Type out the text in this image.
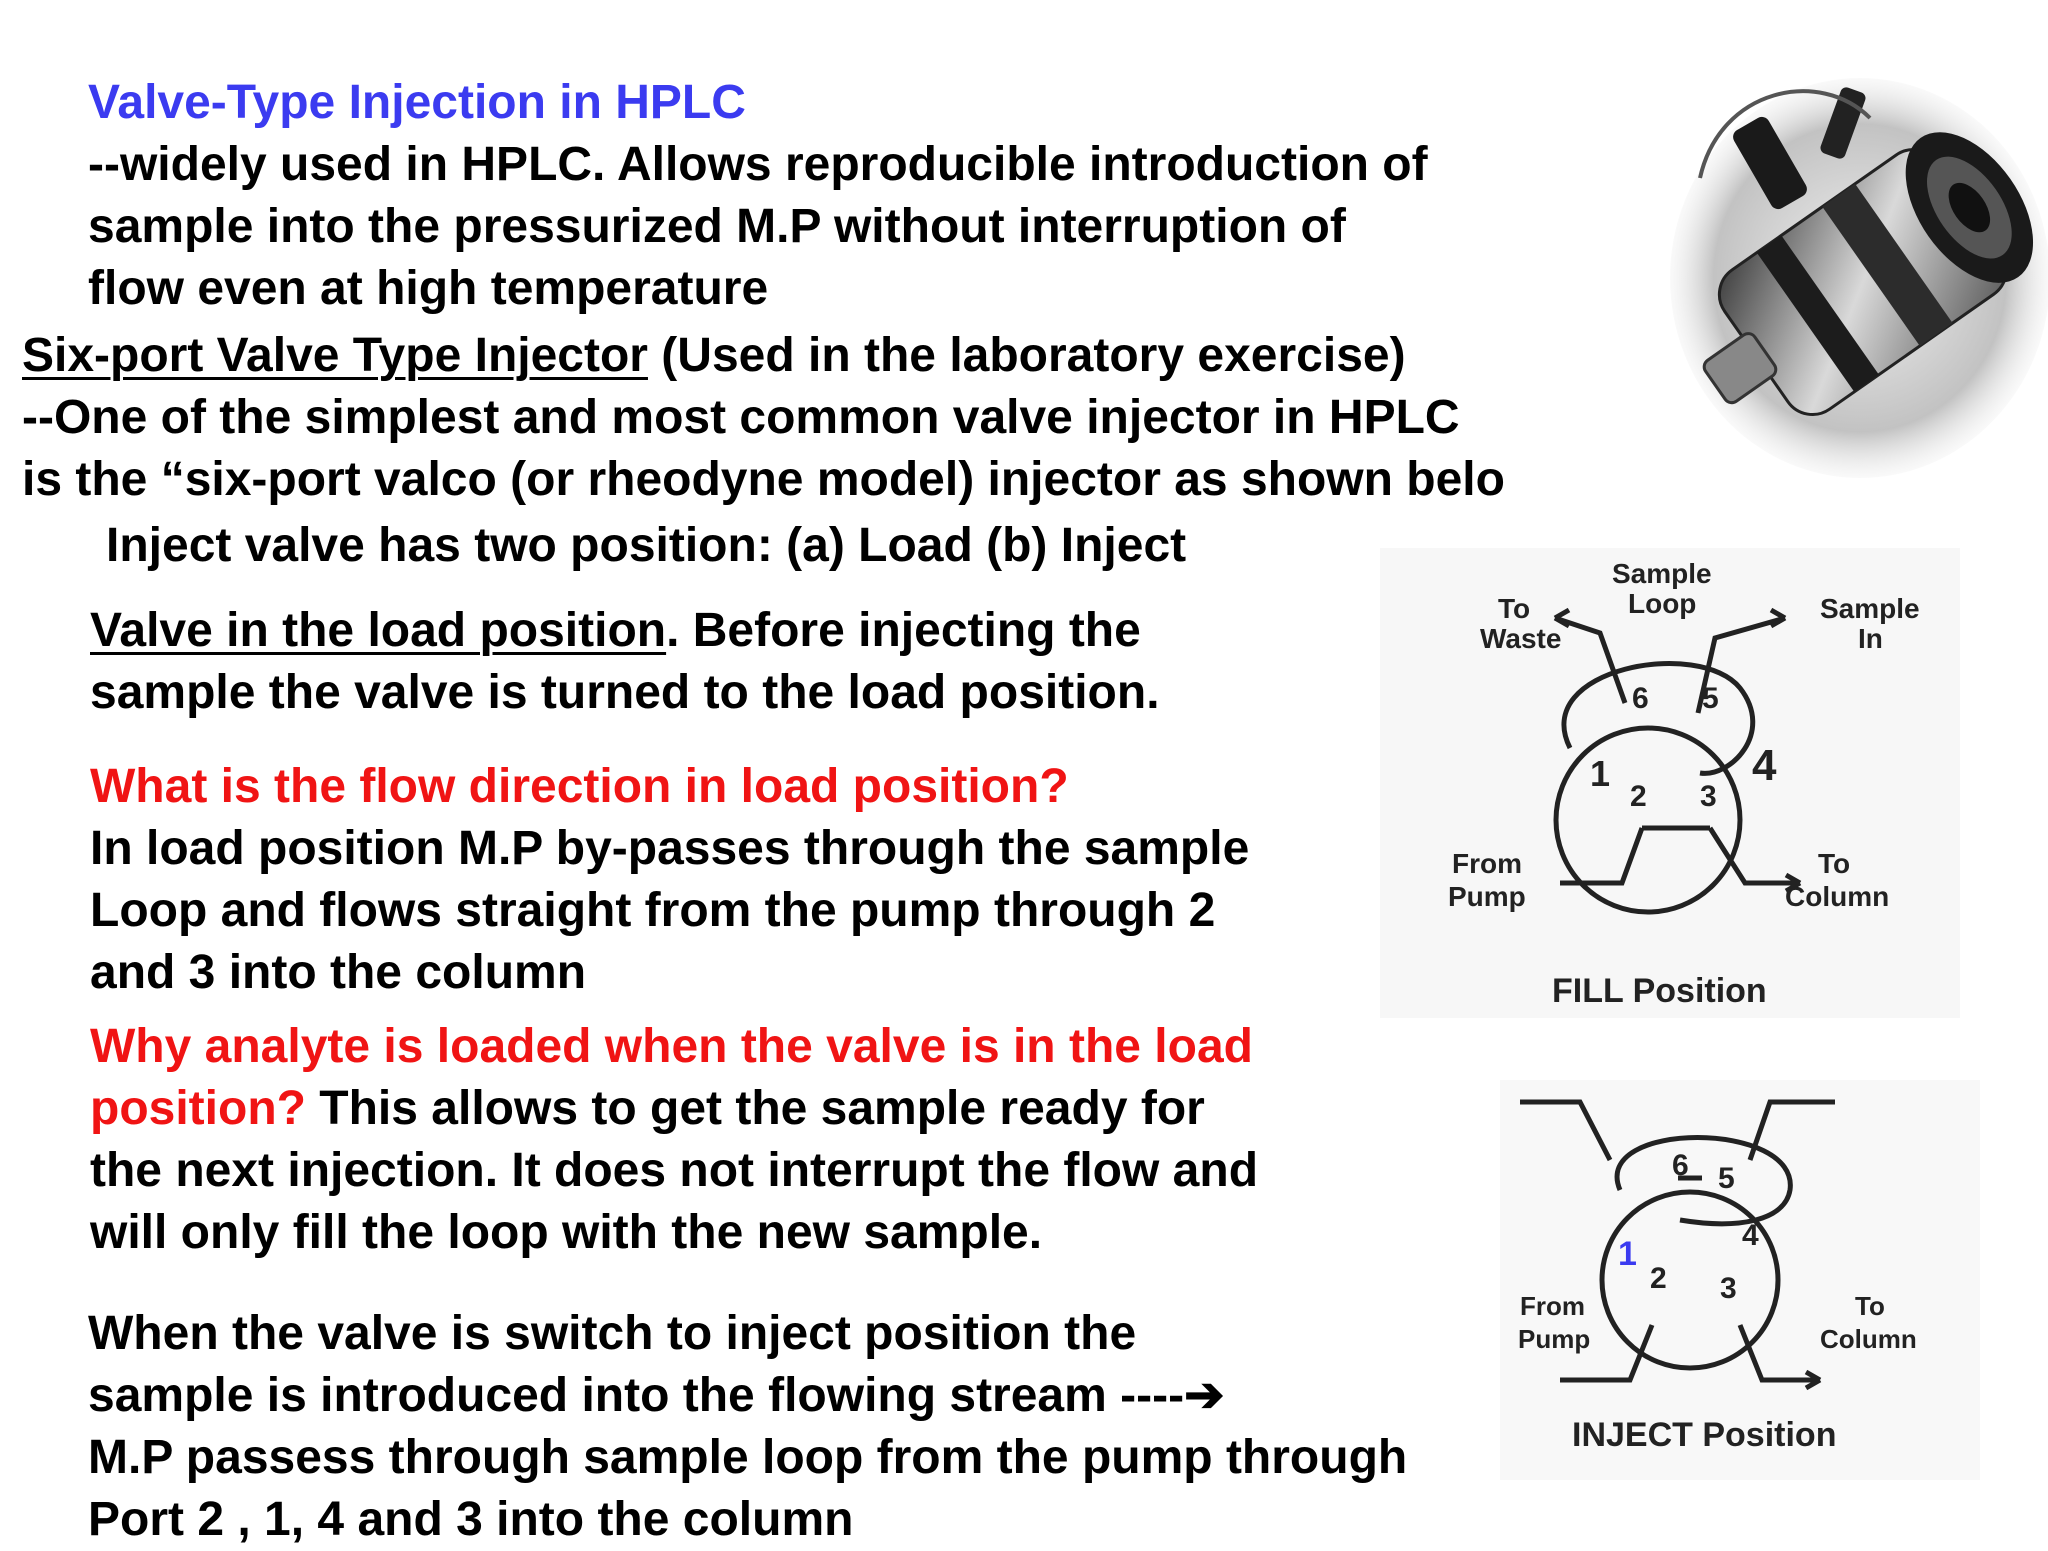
Valve-Type Injection in HPLC
--widely used in HPLC. Allows reproducible introduction of
sample into the pressurized M.P without interruption of
flow even at high temperature
Six-port Valve Type Injector (Used in the laboratory exercise)
--One of the simplest and most common valve injector in HPLC
is the “six-port valco (or rheodyne model) injector as shown belo
Inject valve has two position: (a) Load (b) Inject
Valve in the load position. Before injecting the
sample the valve is turned to the load position.
What is the flow direction in load position?
In load position M.P by-passes through the sample
Loop and flows straight from the pump through 2
and 3 into the column
Why analyte is loaded when the valve is in the load
position? This allows to get the sample ready for
the next injection. It does not interrupt the flow and
will only fill the loop with the new sample.
When the valve is switch to inject position the
sample is introduced into the flowing stream ----➔
M.P passess through sample loop from the pump through
Port 2 , 1, 4 and 3 into the column
To
Waste
Sample
Loop	Sample
In
From
Pump
To
Column
6 5
1
2 3
4
FILL Position
6 5
1	4
2 3
From
Pump
To
Column
INJECT Position
